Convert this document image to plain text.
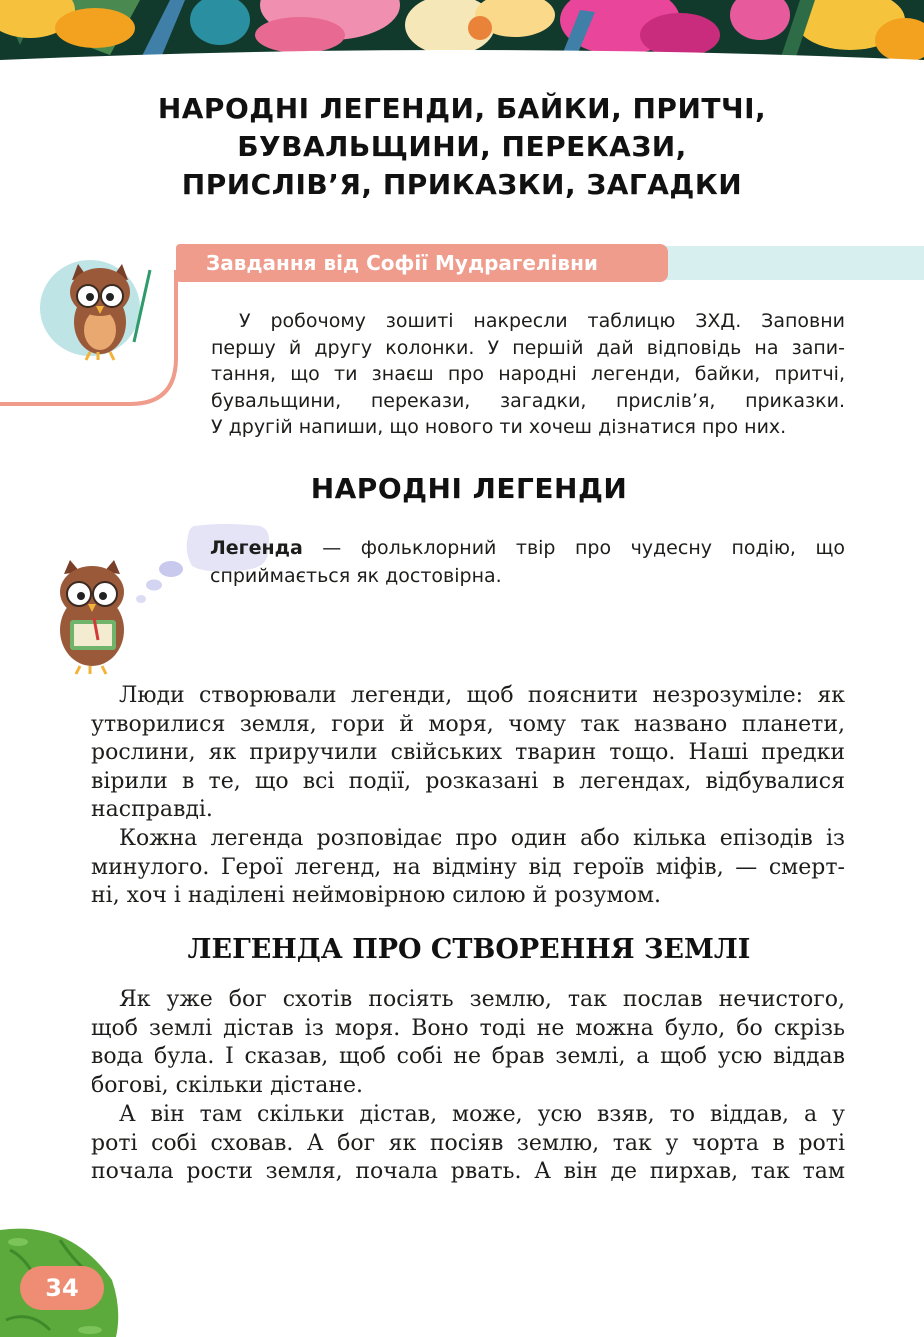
НАРОДНІ ЛЕГЕНДИ, БАЙКИ, ПРИТЧІ,
БУВАЛЬЩИНИ, ПЕРЕКАЗИ,
ПРИСЛІВ’Я, ПРИКАЗКИ, ЗАГАДКИ
Завдання від Софії Мудрагелівни

У робочому зошиті накресли таблицю ЗХД. Заповни
першу й другу колонки. У першій дай відповідь на запи-
тання, що ти знаєш про народні легенди, байки, притчі,
бувальщини, перекази, загадки, прислів’я, приказки.
У другій напиши, що нового ти хочеш дізнатися про них.

НАРОДНІ ЛЕГЕНДИ

Легенда — фольклорний твір про чудесну подію, що
сприймається як достовірна.

Люди створювали легенди, щоб пояснити незрозуміле: як
утворилися земля, гори й моря, чому так названо планети,
рослини, як приручили свійських тварин тощо. Наші предки
вірили в те, що всі події, розказані в легендах, відбувалися
насправді.

Кожна легенда розповідає про один або кілька епізодів із
минулого. Герої легенд, на відміну від героїв міфів, — смерт-
ні, хоч і наділені неймовірною силою й розумом.

ЛЕГЕНДА ПРО СТВОРЕННЯ ЗЕМЛІ

Як уже бог схотів посіять землю, так послав нечистого,
щоб землі дістав із моря. Воно тоді не можна було, бо скрізь
вода була. І сказав, щоб собі не брав землі, а щоб усю віддав
богові, скільки дістане.

А він там скільки дістав, може, усю взяв, то віддав, а у
роті собі сховав. А бог як посіяв землю, так у чорта в роті
почала рости земля, почала рвать. А він де пирхав, так там

34
